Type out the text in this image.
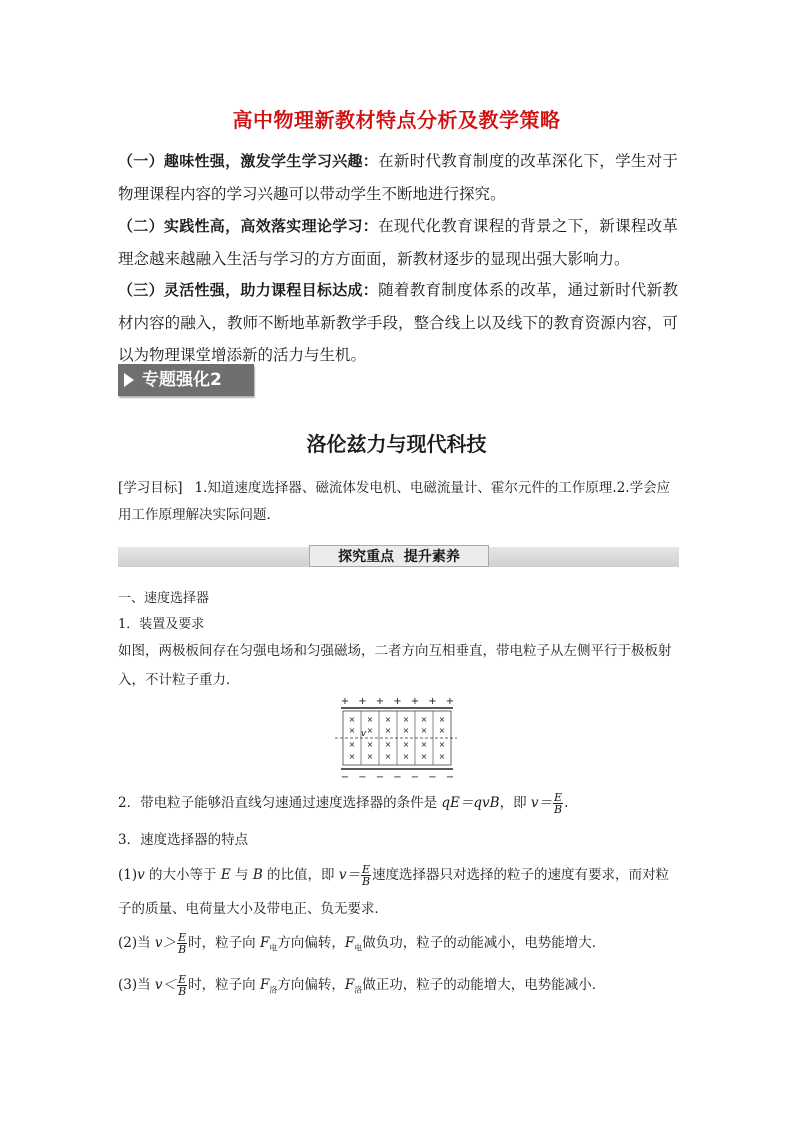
高中物理新教材特点分析及教学策略
（一）趣味性强，激发学生学习兴趣：在新时代教育制度的改革深化下，学生对于物理课程内容的学习兴趣可以带动学生不断地进行探究。
（二）实践性高，高效落实理论学习：在现代化教育课程的背景之下，新课程改革理念越来越融入生活与学习的方方面面，新教材逐步的显现出强大影响力。
（三）灵活性强，助力课程目标达成：随着教育制度体系的改革，通过新时代新教材内容的融入，教师不断地革新教学手段，整合线上以及线下的教育资源内容，可以为物理课堂增添新的活力与生机。
专题强化2
洛伦兹力与现代科技
[学习目标] 1.知道速度选择器、磁流体发电机、电磁流量计、霍尔元件的工作原理.2.学会应用工作原理解决实际问题．
探究重点  提升素养
一、速度选择器
1．装置及要求
如图，两极板间存在匀强电场和匀强磁场，二者方向互相垂直，带电粒子从左侧平行于极板射入，不计粒子重力．
+ + + + + + +
×
×
×
×
×
×
×
×
×
×
×
×
×
×
×
×
×
×
×
×
×
×
×
×
v
− − − − − − −
2．带电粒子能够沿直线匀速通过速度选择器的条件是 qE＝qvB，即 $v= \frac{E}{B}$ .
3．速度选择器的特点
(1)v 的大小等于 E 与 B 的比值，即 $v= \frac{E}{B}$ 速度选择器只对选择的粒子的速度有要求，而对粒子的质量、电荷量大小及带电正、负无要求．
(2)当 $v> \frac{E}{B}$ 时，粒子向 $F_电$方向偏转，$F_电$做负功，粒子的动能减小，电势能增大．
(3)当 $v< \frac{E}{B}$ 时，粒子向 $F_洛$方向偏转，$F_洛$做正功，粒子的动能增大，电势能减小．
